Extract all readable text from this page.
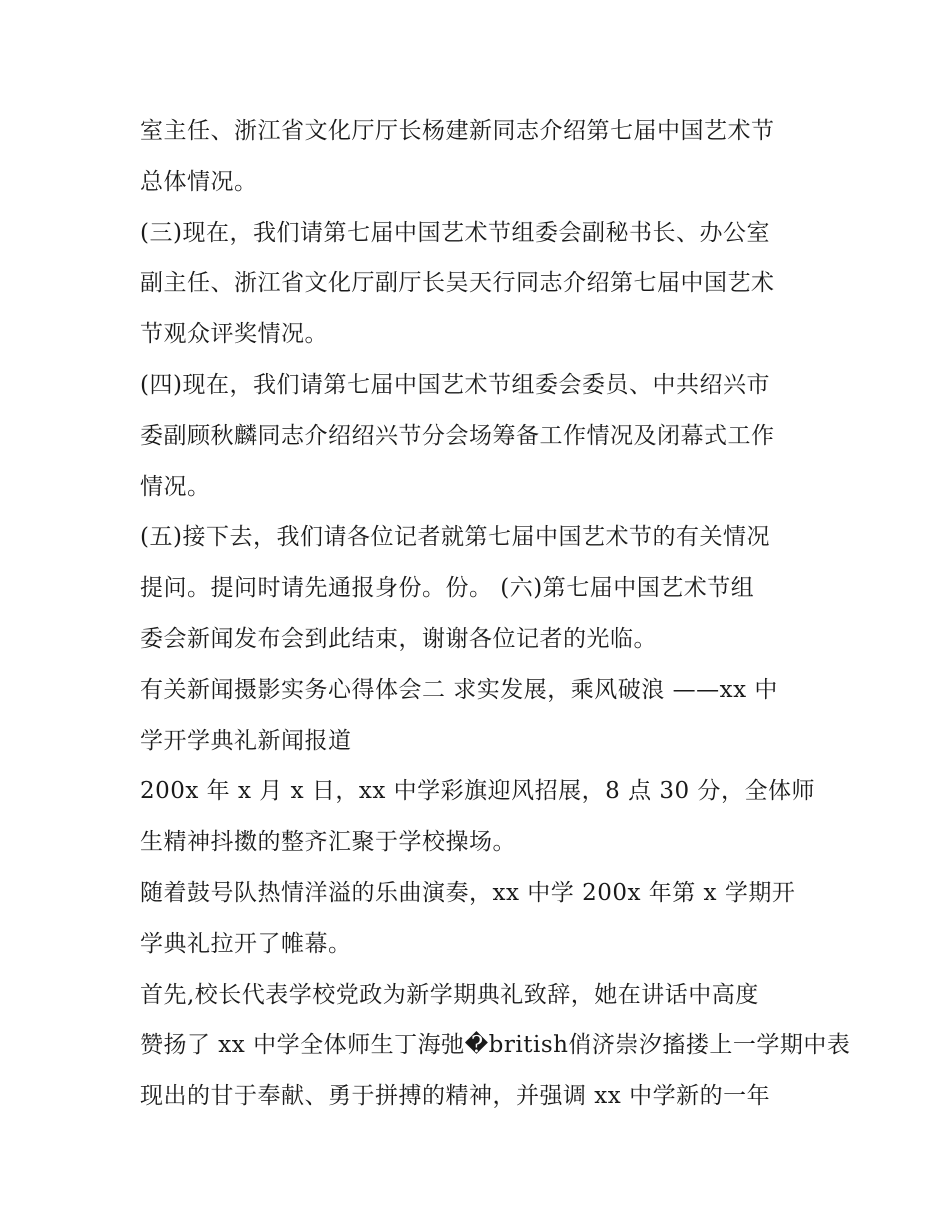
室主任、浙江省文化厅厅长杨建新同志介绍第七届中国艺术节
总体情况。
(三)现在，我们请第七届中国艺术节组委会副秘书长、办公室
副主任、浙江省文化厅副厅长吴天行同志介绍第七届中国艺术
节观众评奖情况。
(四)现在，我们请第七届中国艺术节组委会委员、中共绍兴市
委副顾秋麟同志介绍绍兴节分会场筹备工作情况及闭幕式工作
情况。
(五)接下去，我们请各位记者就第七届中国艺术节的有关情况
提问。提问时请先通报身份。份。 (六)第七届中国艺术节组
委会新闻发布会到此结束，谢谢各位记者的光临。
有关新闻摄影实务心得体会二 求实发展，乘风破浪 ——xx 中
学开学典礼新闻报道
200x 年 x 月 x 日，xx 中学彩旗迎风招展，8 点 30 分，全体师
生精神抖擞的整齐汇聚于学校操场。
随着鼓号队热情洋溢的乐曲演奏，xx 中学 200x 年第 x 学期开
学典礼拉开了帷幕。
首先,校长代表学校党政为新学期典礼致辞，她在讲话中高度
赞扬了 xx 中学全体师生丁海弛�british俏济崇汐搐搂上一学期中表
现出的甘于奉献、勇于拼搏的精神，并强调 xx 中学新的一年
